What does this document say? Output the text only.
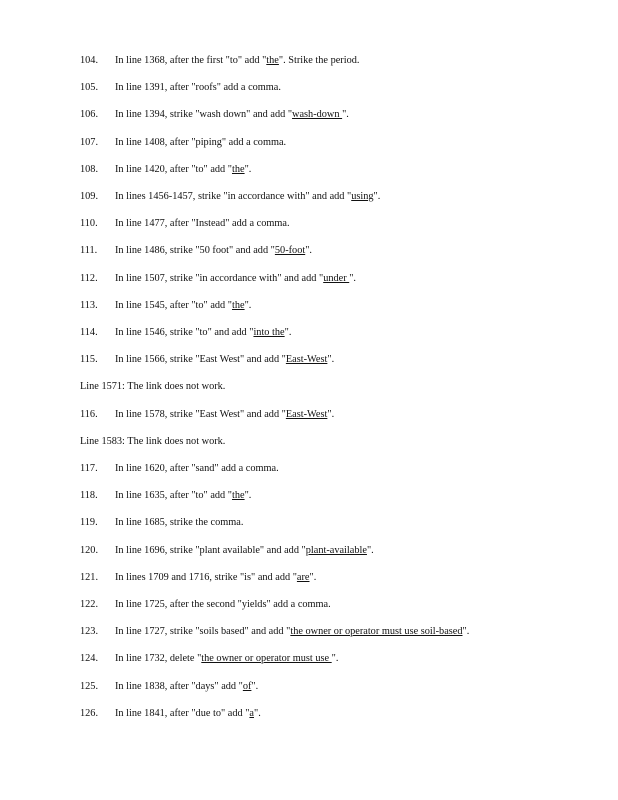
104. In line 1368, after the first "to" add "the". Strike the period.
105. In line 1391, after "roofs" add a comma.
106. In line 1394, strike "wash down" and add "wash-down ".
107. In line 1408, after "piping" add a comma.
108. In line 1420, after "to" add "the".
109. In lines 1456-1457, strike "in accordance with" and add "using".
110. In line 1477, after "Instead" add a comma.
111. In line 1486, strike "50 foot" and add "50-foot".
112. In line 1507, strike "in accordance with" and add "under ".
113. In line 1545, after "to" add "the".
114. In line 1546, strike "to" and add "into the".
115. In line 1566, strike "East West" and add "East-West".
Line 1571: The link does not work.
116. In line 1578, strike "East West" and add "East-West".
Line 1583: The link does not work.
117. In line 1620, after "sand" add a comma.
118. In line 1635, after "to" add "the".
119. In line 1685, strike the comma.
120. In line 1696, strike "plant available" and add "plant-available".
121. In lines 1709 and 1716, strike "is" and add "are".
122. In line 1725, after the second "yields" add a comma.
123. In line 1727, strike "soils based" and add "the owner or operator must use soil-based".
124. In line 1732, delete "the owner or operator must use ".
125. In line 1838, after "days" add "of".
126. In line 1841, after "due to" add "a".
